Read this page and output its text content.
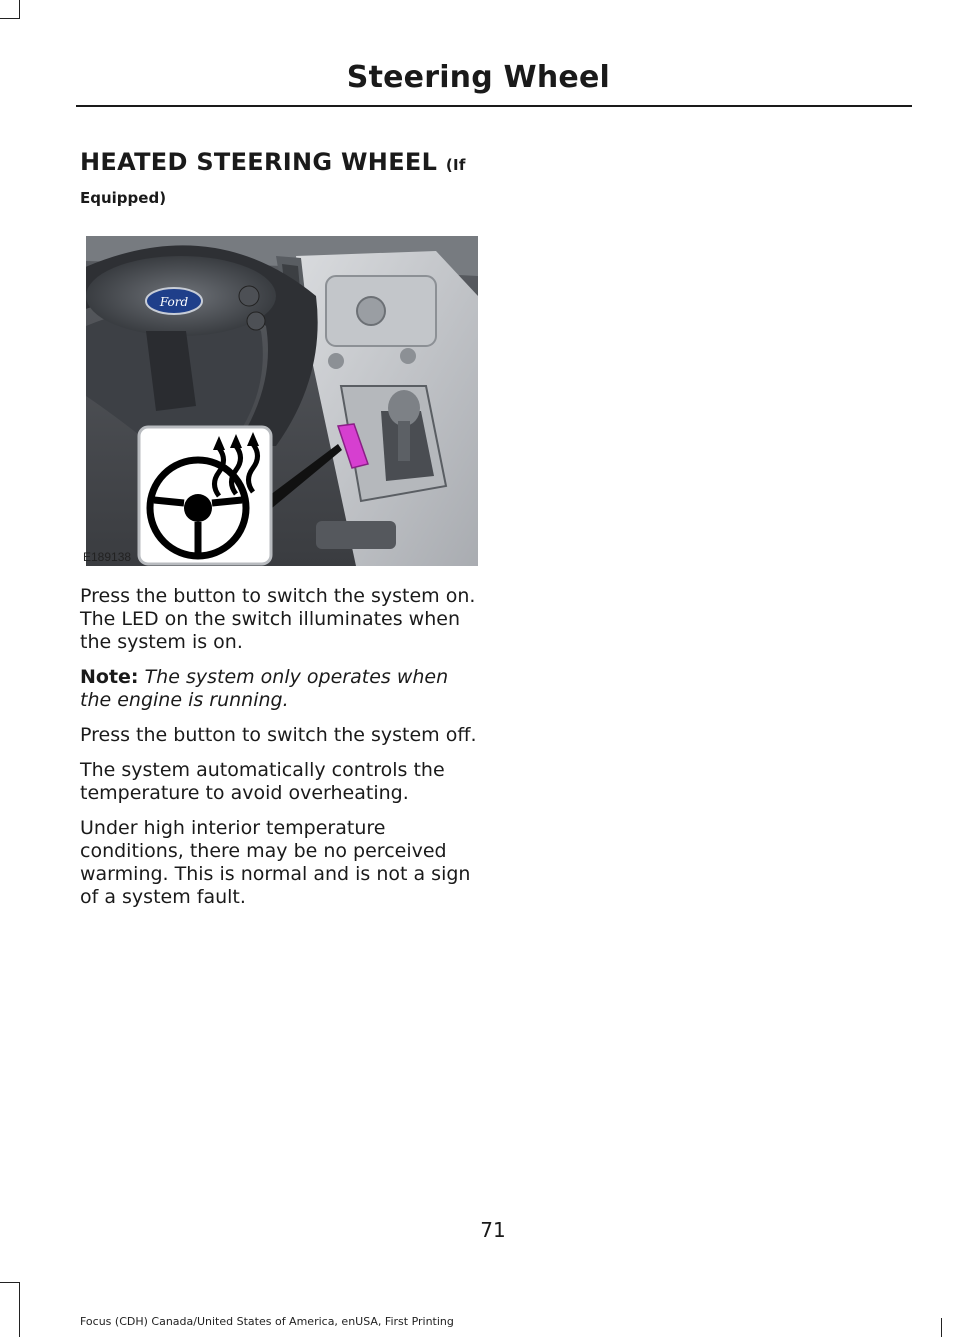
Steering Wheel
HEATED STEERING WHEEL (If
Equipped)
Ford
E189138

Press the button to switch the system on. The LED on the switch illuminates when the system is on.

Note: The system only operates when the engine is running.

Press the button to switch the system off.

The system automatically controls the temperature to avoid overheating.

Under high interior temperature conditions, there may be no perceived warming. This is normal and is not a sign of a system fault.

71
Focus (CDH) Canada/United States of America, enUSA, First Printing
